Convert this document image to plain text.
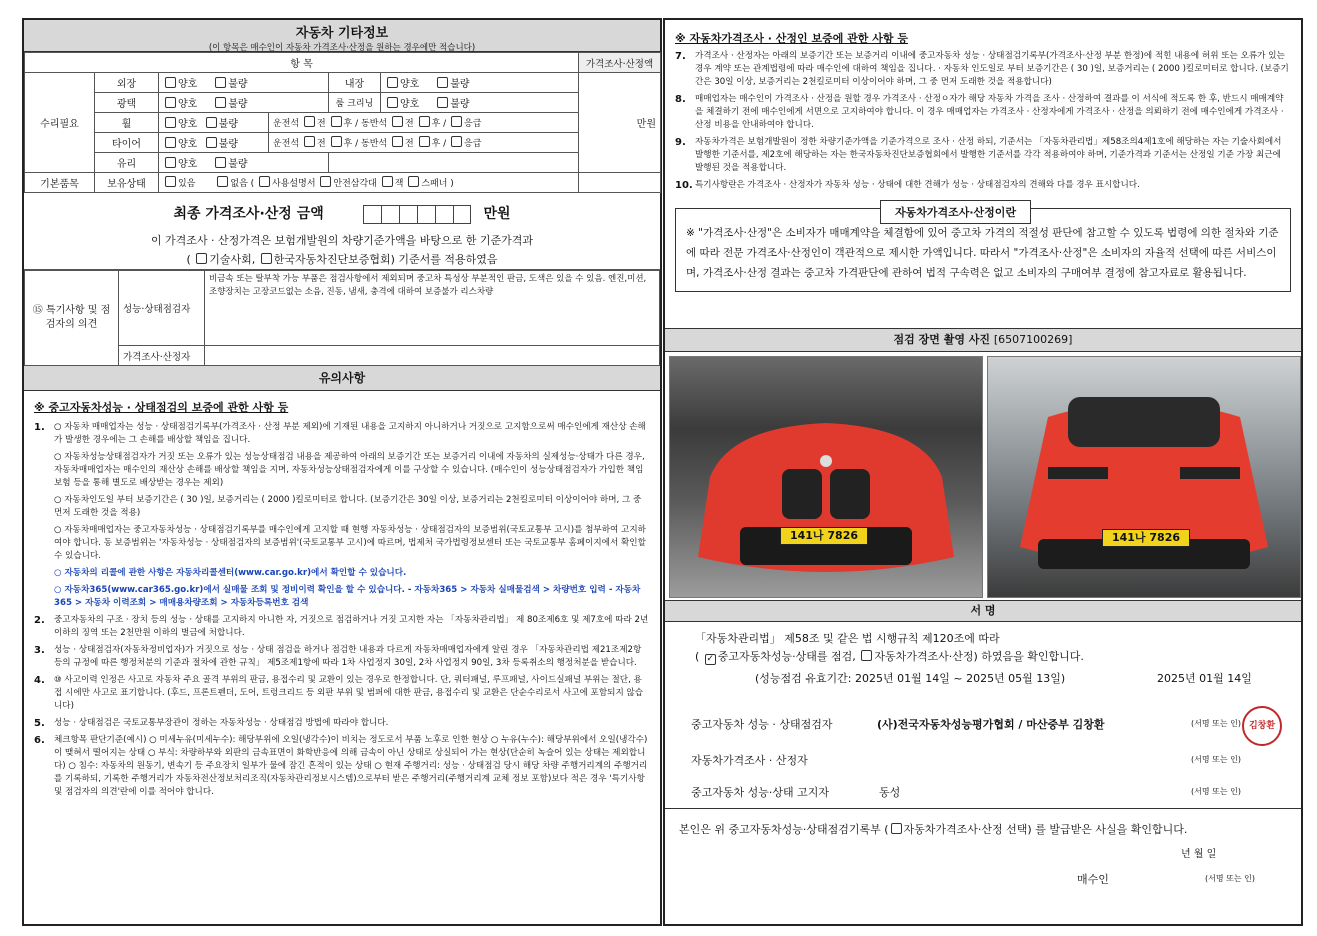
자동차 기타정보
(이 항목은 매수인이 자동차 가격조사·산정을 원하는 경우에만 적습니다)
항 목						가격조사·산정액
수리필요	외장	양호 불량		내장	양호 불량	만원
	광택	양호 불량		룸 크리닝	양호 불량	
	휠	양호 불량	운전석 전 후 / 동반석 전 후 / 응급			
	타이어	양호 불량	운전석 전 후 / 동반석 전 후 / 응급			
	유리	양호 불량				
기본품목	보유상태	있음 없음 ( 사용설명서 안전삼각대 잭 스패너 )				
최종 가격조사·산정 금액	만원
이 가격조사 · 산정가격은 보험개발원의 차량기준가액을 바탕으로 한 기준가격과
( 기술사회, 한국자동차진단보증협회) 기준서를 적용하였음
⑮ 특기사항 및 점검자의 의견	성능·상태점검자	비금속 또는 탈부착 가능 부품은 점검사항에서 제외되며 중고차 특성상 부분적인 판금, 도색은 있을 수 있음. 엔진,미션, 조향장치는 고장코드없는 소음, 진동, 냄새, 충격에 대하여 보증불가 리스차량
	가격조사·산정자	
유의사항
※ 중고자동차성능 · 상태점검의 보증에 관한 사항 등
1.	○ 자동차 매매업자는 성능 · 상태점검기록부(가격조사 · 산정 부분 제외)에 기재된 내용을 고지하지 아니하거나 거짓으로 고지함으로써 매수인에게 재산상 손해가 발생한 경우에는 그 손해를 배상할 책임을 집니다.
○ 자동차성능상태점검자가 거짓 또는 오류가 있는 성능상태점검 내용을 제공하여 아래의 보증기간 또는 보증거리 이내에 자동차의 실제성능·상태가 다른 경우, 자동차매매업자는 매수인의 재산상 손해를 배상할 책임을 지며, 자동차성능상태점검자에게 이를 구상할 수 있습니다. (매수인이 성능상태점검자가 가입한 책임보험 등을 통해 별도로 배상받는 경우는 제외)
○ 자동차인도일 부터 보증기간은 ( 30 )일, 보증거리는 ( 2000 )킬로미터로 합니다. (보증기간은 30일 이상, 보증거리는 2천킬로미터 이상이어야 하며, 그 중 먼저 도래한 것을 적용)
○ 자동차매매업자는 중고자동차성능 · 상태점검기록부를 매수인에게 고지할 때 현행 자동차성능 · 상태점검자의 보증범위(국토교통부 고시)를 첨부하여 고지하여야 합니다. 동 보증범위는 '자동차성능 · 상태점검자의 보증범위'(국토교통부 고시)에 따르며, 법제처 국가법령정보센터 또는 국토교통부 홈페이지에서 확인할 수 있습니다.
○ 자동차의 리콜에 관한 사항은 자동차리콜센터(www.car.go.kr)에서 확인할 수 있습니다.
○ 자동차365(www.car365.go.kr)에서 실매물 조회 및 정비이력 확인을 할 수 있습니다. - 자동차365 > 자동차 실매물검색 > 차량번호 입력 - 자동차365 > 자동차 이력조회 > 매매용차량조회 > 자동차등록번호 검색
2.	중고자동차의 구조 · 장치 등의 성능 · 상태를 고지하지 아니한 자, 거짓으로 점검하거나 거짓 고지한 자는 「자동차관리법」 제 80조제6호 및 제7호에 따라 2년 이하의 징역 또는 2천만원 이하의 벌금에 처합니다.
3.	성능 · 상태점검자(자동차정비업자)가 거짓으로 성능 · 상태 점검을 하거나 점검한 내용과 다르게 자동차매매업자에게 알린 경우 「자동차관리법 제21조제2항 등의 규정에 따른 행정처분의 기준과 절차에 관한 규칙」 제5조제1항에 따라 1차 사업정지 30일, 2차 사업정지 90일, 3차 등록취소의 행정처분을 받습니다.
4.	⑩ 사고이력 인정은 사고로 자동차 주요 골격 부위의 판금, 용접수리 및 교환이 있는 경우로 한정합니다. 단, 쿼터패널, 루프패널, 사이드실패널 부위는 절단, 용접 시에만 사고로 표기합니다. (후드, 프론트펜더, 도어, 트렁크리드 등 외판 부위 및 범퍼에 대한 판금, 용접수리 및 교환은 단순수리로서 사고에 포함되지 않습니다)
5.	성능 · 상태점검은 국토교통부장관이 정하는 자동차성능 · 상태점검 방법에 따라야 합니다.
6.	체크항목 판단기준(예시) ○ 미세누유(미세누수): 해당부위에 오일(냉각수)이 비치는 정도로서 부품 노후로 인한 현상 ○ 누유(누수): 해당부위에서 오일(냉각수)이 맺혀서 떨어지는 상태 ○ 부식: 차량하부와 외판의 금속표면이 화학반응에 의해 금속이 아닌 상태로 상실되어 가는 현상(단순히 녹슬어 있는 상태는 제외합니다) ○ 침수: 자동차의 원동기, 변속기 등 주요장치 일부가 물에 잠긴 흔적이 있는 상태 ○ 현재 주행거리: 성능 · 상태점검 당시 해당 차량 주행거리계의 주행거리를 기록하되, 기록한 주행거리가 자동차전산정보처리조직(자동차관리정보시스템)으로부터 받은 주행거리(주행거리계 교체 정보 포함)보다 적은 경우 '특기사항 및 점검자의 의견'란에 이를 적어야 합니다.
※ 자동차가격조사 · 산정인 보증에 관한 사항 등
7.	가격조사 · 산정자는 아래의 보증기간 또는 보증거리 이내에 중고자동차 성능 · 상태점검기록부(가격조사·산정 부분 한정)에 적힌 내용에 허위 또는 오류가 있는 경우 계약 또는 관계법령에 따라 매수인에 대하여 책임을 집니다. · 자동차 인도일로 부터 보증기간은 ( 30 )일, 보증거리는 ( 2000 )킬로미터로 합니다. (보증기간은 30일 이상, 보증거리는 2천킬로미터 이상이어야 하며, 그 중 먼저 도래한 것을 적용합니다)
8.	매매업자는 매수인이 가격조사 · 산정을 원할 경우 가격조사 · 산정ㅇ자가 해당 자동차 가격을 조사 · 산정하여 결과를 이 서식에 적도록 한 후, 반드시 매매계약을 체결하기 전에 매수인에게 서면으로 고지하여야 합니다. 이 경우 매매업자는 가격조사 · 산정자에게 가격조사 · 산정을 의뢰하기 전에 매수인에게 가격조사 · 산정 비용을 안내하여야 합니다.
9.	자동차가격은 보험개발원이 정한 차량기준가액을 기준가격으로 조사 · 산정 하되, 기준서는 「자동차관리법」제58조의4제1호에 해당하는 자는 기술사회에서 발행한 기준서를, 제2호에 해당하는 자는 한국자동차진단보증협회에서 발행한 기준서를 각각 적용하여야 하며, 기준가격과 기준서는 산정일 기준 가장 최근에 발행된 것을 적용합니다.
10. 특기사항란은 가격조사 · 산정자가 자동차 성능 · 상태에 대한 견해가 성능 · 상태점검자의 견해와 다를 경우 표시합니다.
※ "가격조사·산정"은 소비자가 매매계약을 체결함에 있어 중고차 가격의 적절성 판단에 참고할 수 있도록 법령에 의한 절차와 기준에 따라 전문 가격조사·산정인이 객관적으로 제시한 가액입니다. 따라서 "가격조사·산정"은 소비자의 자율적 선택에 따른 서비스이며, 가격조사·산정 결과는 중고차 가격판단에 관하여 법적 구속력은 없고 소비자의 구매여부 결정에 참고자료로 활용됩니다.
자동차가격조사·산정이란
점검 장면 촬영 사진 [6507100269]
141나 7826	141나 7826
서 명
「자동차관리법」 제58조 및 같은 법 시행규칙 제120조에 따라
( ✓중고자동차성능·상태를 점검, 자동차가격조사·산정) 하였음을 확인합니다.
(성능점검 유효기간: 2025년 01월 14일 ~ 2025년 05월 13일)	2025년 01월 14일
중고자동차 성능 · 상태점검자	(사)전국자동차성능평가협회 / 마산중부 김창환	(서명 또는 인) 김창환
자동차가격조사 · 산정자	(서명 또는 인)
중고자동차 성능·상태 고지자	동성	(서명 또는 인)
본인은 위 중고자동차성능·상태점검기록부 ( 자동차가격조사·산정 선택) 를 발급받은 사실을 확인합니다.
년 월 일
매수인	(서명 또는 인)
